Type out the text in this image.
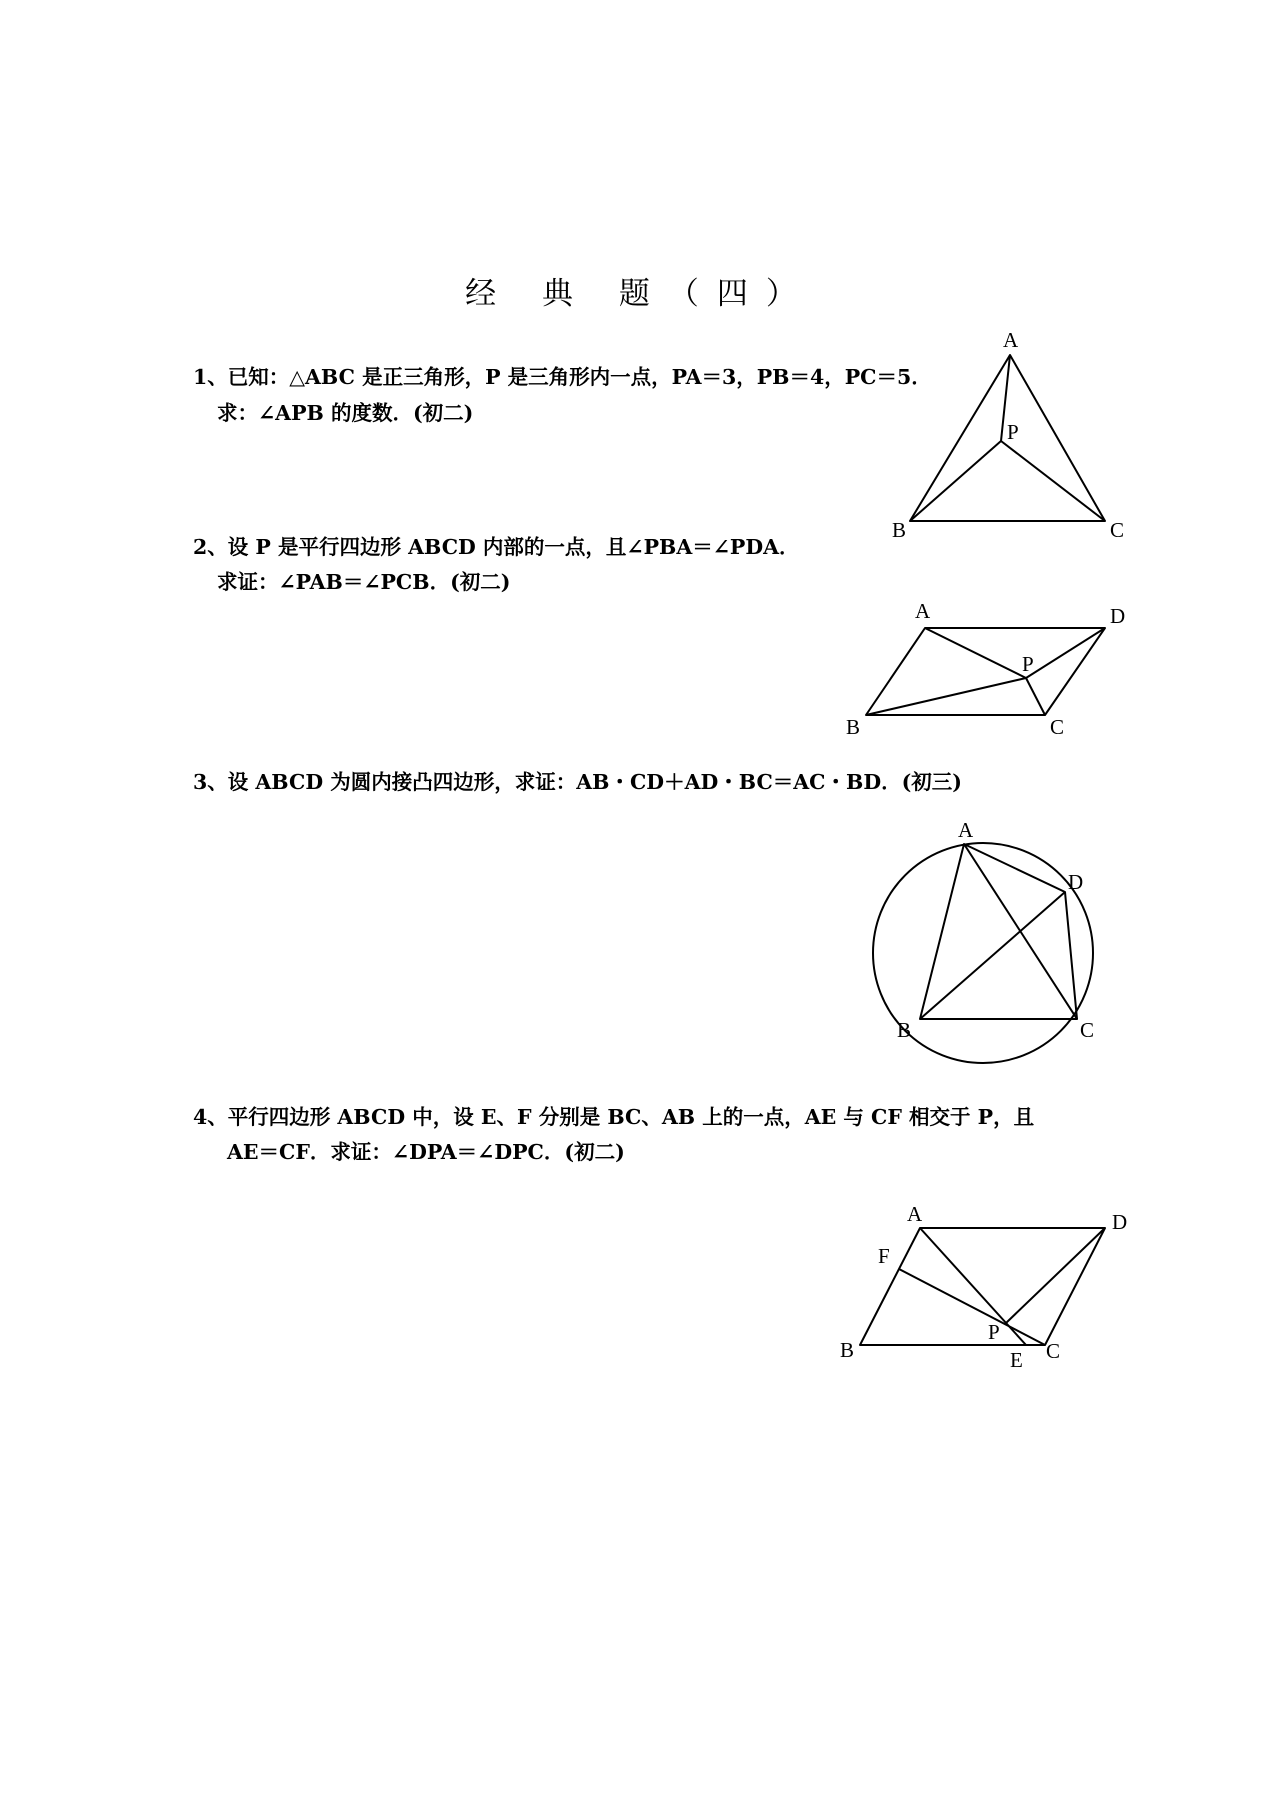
经 典 题（四）
1、已知：△ABC 是正三角形，P 是三角形内一点，PA＝3，PB＝4，PC＝5．
求：∠APB 的度数．(初二)
A
P
B	C
2、设 P 是平行四边形 ABCD 内部的一点，且∠PBA＝∠PDA．
求证：∠PAB＝∠PCB．(初二)
A	D
P
B	C
3、设 ABCD 为圆内接凸四边形，求证：AB・CD＋AD・BC＝AC・BD．(初三)
A
D
B	C
4、平行四边形 ABCD 中，设 E、F 分别是 BC、AB 上的一点，AE 与 CF 相交于 P，且
AE＝CF．求证：∠DPA＝∠DPC．(初二)
A	D
F
P
B	E C
